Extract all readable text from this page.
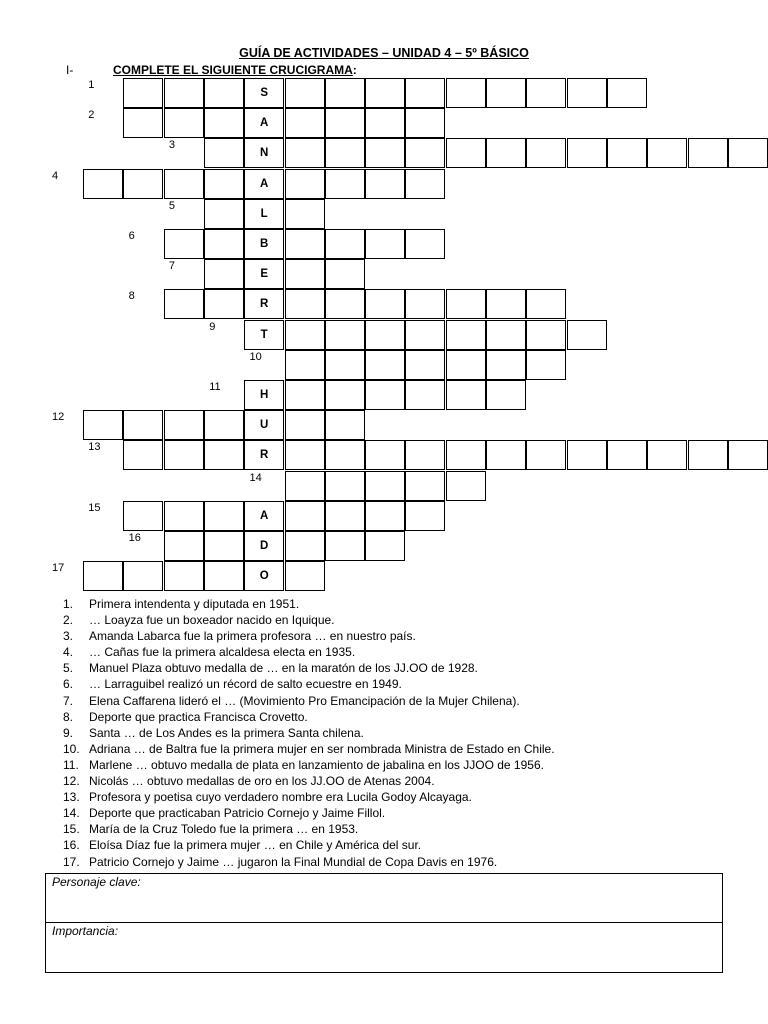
GUÍA DE ACTIVIDADES – UNIDAD 4 – 5º BÁSICO
I-	COMPLETE EL SIGUIENTE CRUCIGRAMA:
1
S
2
A
3
N
4
A
5
L
6
B
7
E
8
R
9
T
10
11
H
12
U
13
R
14
15
A
16
D
17
O
1. Primera intendenta y diputada en 1951.
2. … Loayza fue un boxeador nacido en Iquique.
3. Amanda Labarca fue la primera profesora … en nuestro país.
4. … Cañas fue la primera alcaldesa electa en 1935.
5. Manuel Plaza obtuvo medalla de … en la maratón de los JJ.OO de 1928.
6. … Larraguibel realizó un récord de salto ecuestre en 1949.
7. Elena Caffarena lideró el … (Movimiento Pro Emancipación de la Mujer Chilena).
8. Deporte que practica Francisca Crovetto.
9. Santa … de Los Andes es la primera Santa chilena.
10. Adriana … de Baltra fue la primera mujer en ser nombrada Ministra de Estado en Chile.
11. Marlene … obtuvo medalla de plata en lanzamiento de jabalina en los JJOO de 1956.
12. Nicolás … obtuvo medallas de oro en los JJ.OO de Atenas 2004.
13. Profesora y poetisa cuyo verdadero nombre era Lucila Godoy Alcayaga.
14. Deporte que practicaban Patricio Cornejo y Jaime Fillol.
15. María de la Cruz Toledo fue la primera … en 1953.
16. Eloísa Díaz fue la primera mujer … en Chile y América del sur.
17. Patricio Cornejo y Jaime … jugaron la Final Mundial de Copa Davis en 1976.
Personaje clave:
Importancia:
